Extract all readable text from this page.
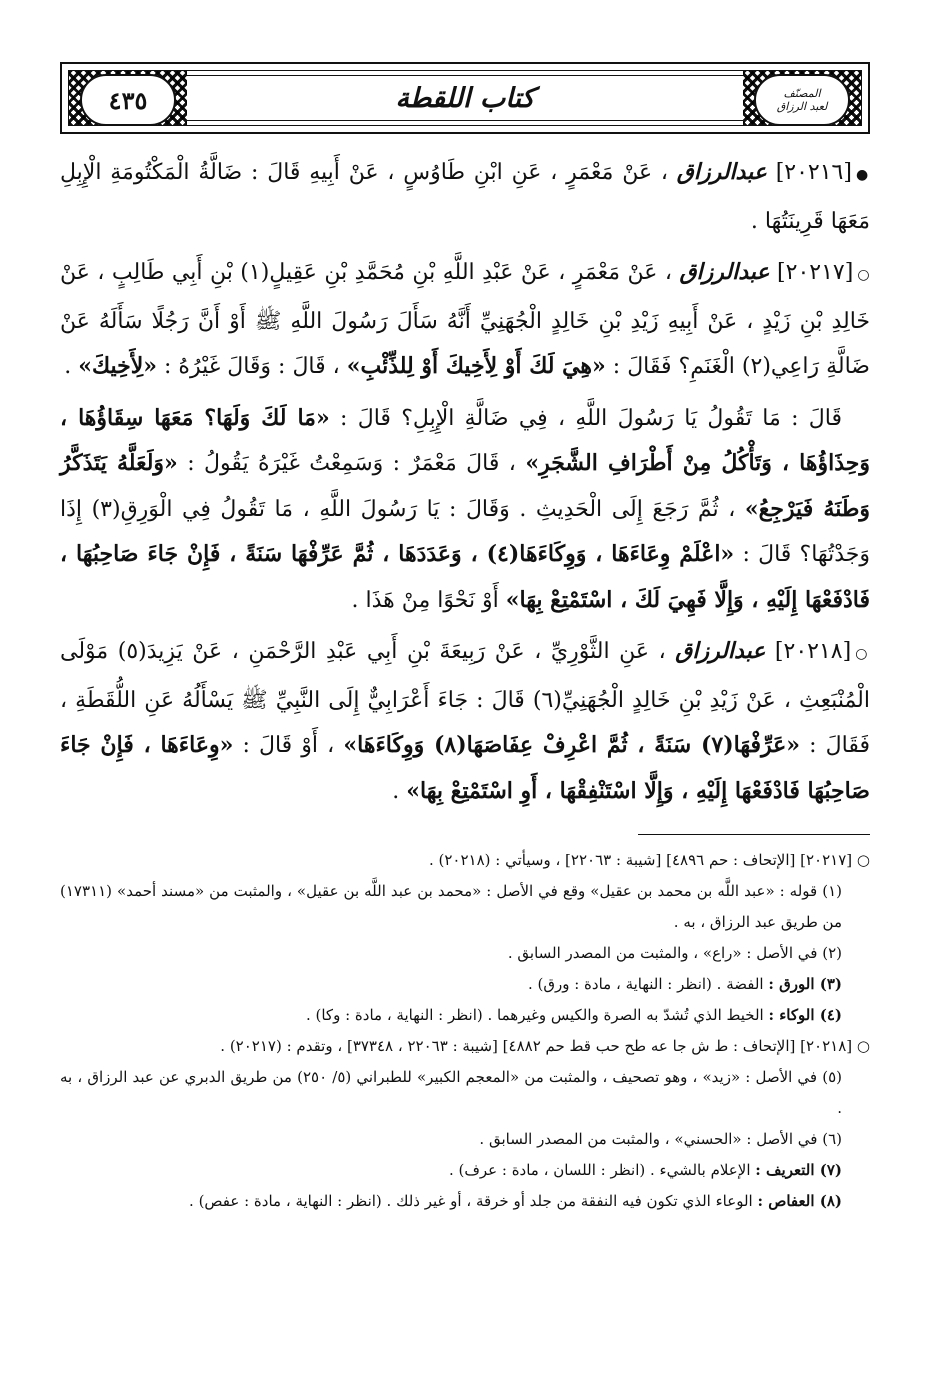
المصنّف
لعبد الرزاق
كتاب اللقطة
٤٣٥

●[٢٠٢١٦] عبدالرزاق ، عَنْ مَعْمَرٍ ، عَنِ ابْنِ طَاوُسٍ ، عَنْ أَبِيهِ قَالَ : ضَالَّةُ الْمَكْتُومَةِ الْإِبِلِ مَعَهَا قَرِينَتُهَا .

○[٢٠٢١٧] عبدالرزاق ، عَنْ مَعْمَرٍ ، عَنْ عَبْدِ اللَّهِ بْنِ مُحَمَّدِ بْنِ عَقِيلٍ(١) بْنِ أَبِي طَالِبٍ ، عَنْ خَالِدِ بْنِ زَيْدٍ ، عَنْ أَبِيهِ زَيْدِ بْنِ خَالِدٍ الْجُهَنِيِّ أَنَّهُ سَأَلَ رَسُولَ اللَّهِ ﷺ أَوْ أَنَّ رَجُلًا سَأَلَهُ عَنْ ضَالَّةِ رَاعِي(٢) الْغَنَمِ؟ فَقَالَ : «هِيَ لَكَ أَوْ لِأَخِيكَ أَوْ لِلذِّئْبِ» ، قَالَ : وَقَالَ غَيْرُهُ : «لِأَخِيكَ» .

قَالَ : مَا تَقُولُ يَا رَسُولَ اللَّهِ ، فِي ضَالَّةِ الْإِبِلِ؟ قَالَ : «مَا لَكَ وَلَهَا؟ مَعَهَا سِقَاؤُهَا ، وَحِذَاؤُهَا ، وَتَأْكُلُ مِنْ أَطْرَافِ الشَّجَرِ» ، قَالَ مَعْمَرٌ : وَسَمِعْتُ غَيْرَهُ يَقُولُ : «وَلَعَلَّهُ يَتَذَكَّرُ وَطَنَهُ فَيَرْجِعُ» ، ثُمَّ رَجَعَ إِلَى الْحَدِيثِ . وَقَالَ : يَا رَسُولَ اللَّهِ ، مَا تَقُولُ فِي الْوَرِقِ(٣) إِذَا وَجَدْتُهَا؟ قَالَ : «اعْلَمْ وِعَاءَهَا ، وَوِكَاءَهَا(٤) ، وَعَدَدَهَا ، ثُمَّ عَرِّفْهَا سَنَةً ، فَإِنْ جَاءَ صَاحِبُهَا ، فَادْفَعْهَا إِلَيْهِ ، وَإِلَّا فَهِيَ لَكَ ، اسْتَمْتِعْ بِهَا» أَوْ نَحْوًا مِنْ هَذَا .

○[٢٠٢١٨] عبدالرزاق ، عَنِ الثَّوْرِيِّ ، عَنْ رَبِيعَةَ بْنِ أَبِي عَبْدِ الرَّحْمَنِ ، عَنْ يَزِيدَ(٥) مَوْلَى الْمُنْبَعِثِ ، عَنْ زَيْدِ بْنِ خَالِدٍ الْجُهَنِيِّ(٦) قَالَ : جَاءَ أَعْرَابِيٌّ إِلَى النَّبِيِّ ﷺ يَسْأَلُهُ عَنِ اللُّقَطَةِ ، فَقَالَ : «عَرِّفْهَا(٧) سَنَةً ، ثُمَّ اعْرِفْ عِفَاصَهَا(٨) وَوِكَاءَهَا» ، أَوْ قَالَ : «وِعَاءَهَا ، فَإِنْ جَاءَ صَاحِبُهَا فَادْفَعْهَا إِلَيْهِ ، وَإِلَّا اسْتَنْفِقْهَا ، أَوِ اسْتَمْتِعْ بِهَا» .

○ [٢٠٢١٧] [الإتحاف : حم ٤٨٩٦] [شيبة : ٢٢٠٦٣] ، وسيأتي : (٢٠٢١٨) .

(١) قوله : «عبد اللَّه بن محمد بن عقيل» وقع في الأصل : «محمد بن عبد اللَّه بن عقيل» ، والمثبت من «مسند أحمد» (١٧٣١١) من طريق عبد الرزاق ، به .

(٢) في الأصل : «راع» ، والمثبت من المصدر السابق .

(٣) الورق : الفضة . (انظر : النهاية ، مادة : ورق) .

(٤) الوكاء : الخيط الذي تُشدّ به الصرة والكيس وغيرهما . (انظر : النهاية ، مادة : وكا) .

○ [٢٠٢١٨] [الإتحاف : ط ش جا عه طح حب قط حم ٤٨٨٢] [شيبة : ٢٢٠٦٣ ، ٣٧٣٤٨] ، وتقدم : (٢٠٢١٧) .

(٥) في الأصل : «زيد» ، وهو تصحيف ، والمثبت من «المعجم الكبير» للطبراني (٥/ ٢٥٠) من طريق الدبري عن عبد الرزاق ، به .

(٦) في الأصل : «الحسني» ، والمثبت من المصدر السابق .

(٧) التعريف : الإعلام بالشيء . (انظر : اللسان ، مادة : عرف) .

(٨) العفاص : الوعاء الذي تكون فيه النفقة من جلد أو خرقة ، أو غير ذلك . (انظر : النهاية ، مادة : عفص) .
